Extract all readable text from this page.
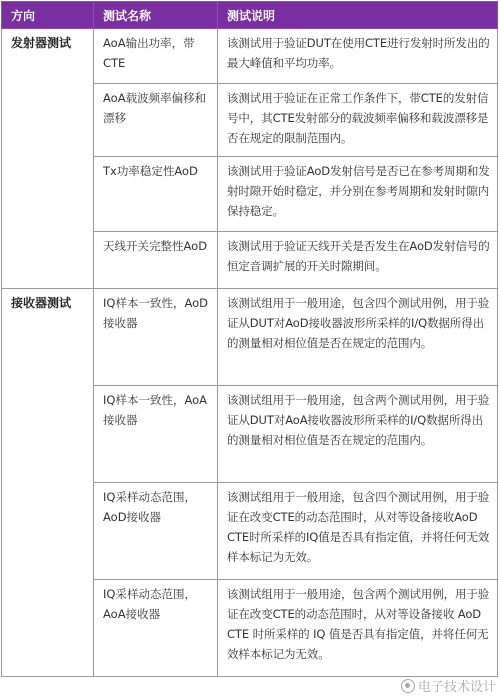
方向	测试名称	测试说明
发射器测试	AoA输出功率，带CTE	该测试用于验证DUT在使用CTE进行发射时所发出的最大峰值和平均功率。
	AoA载波频率偏移和漂移	该测试用于验证在正常工作条件下，带CTE的发射信号中，其CTE发射部分的载波频率偏移和载波漂移是否在规定的限制范围内。
	Tx功率稳定性AoD	该测试用于验证AoD发射信号是否已在参考周期和发射时隙开始时稳定，并分别在参考周期和发射时隙内保持稳定。
	天线开关完整性AoD	该测试用于验证天线开关是否发生在AoD发射信号的恒定音调扩展的开关时隙期间。
接收器测试	IQ样本一致性，AoD接收器	该测试组用于一般用途，包含四个测试用例，用于验证从DUT对AoD接收器波形所采样的I/Q数据所得出的测量相对相位值是否在规定的范围内。
	IQ样本一致性，AoA接收器	该测试组用于一般用途，包含两个测试用例，用于验证从DUT对AoA接收器波形所采样的I/Q数据所得出的测量相对相位值是否在规定的范围内。
	IQ采样动态范围，AoD接收器	该测试组用于一般用途，包含四个测试用例，用于验证在改变CTE的动态范围时，从对等设备接收AoD CTE时所采样的IQ值是否具有指定值，并将任何无效样本标记为无效。
	IQ采样动态范围，AoA接收器	该测试组用于一般用途，包含两个测试用例，用于验证在改变CTE的动态范围时，从对等设备接收 AoD CTE 时所采样的 IQ 值是否具有指定值，并将任何无效样本标记为无效。
电子技术设计
